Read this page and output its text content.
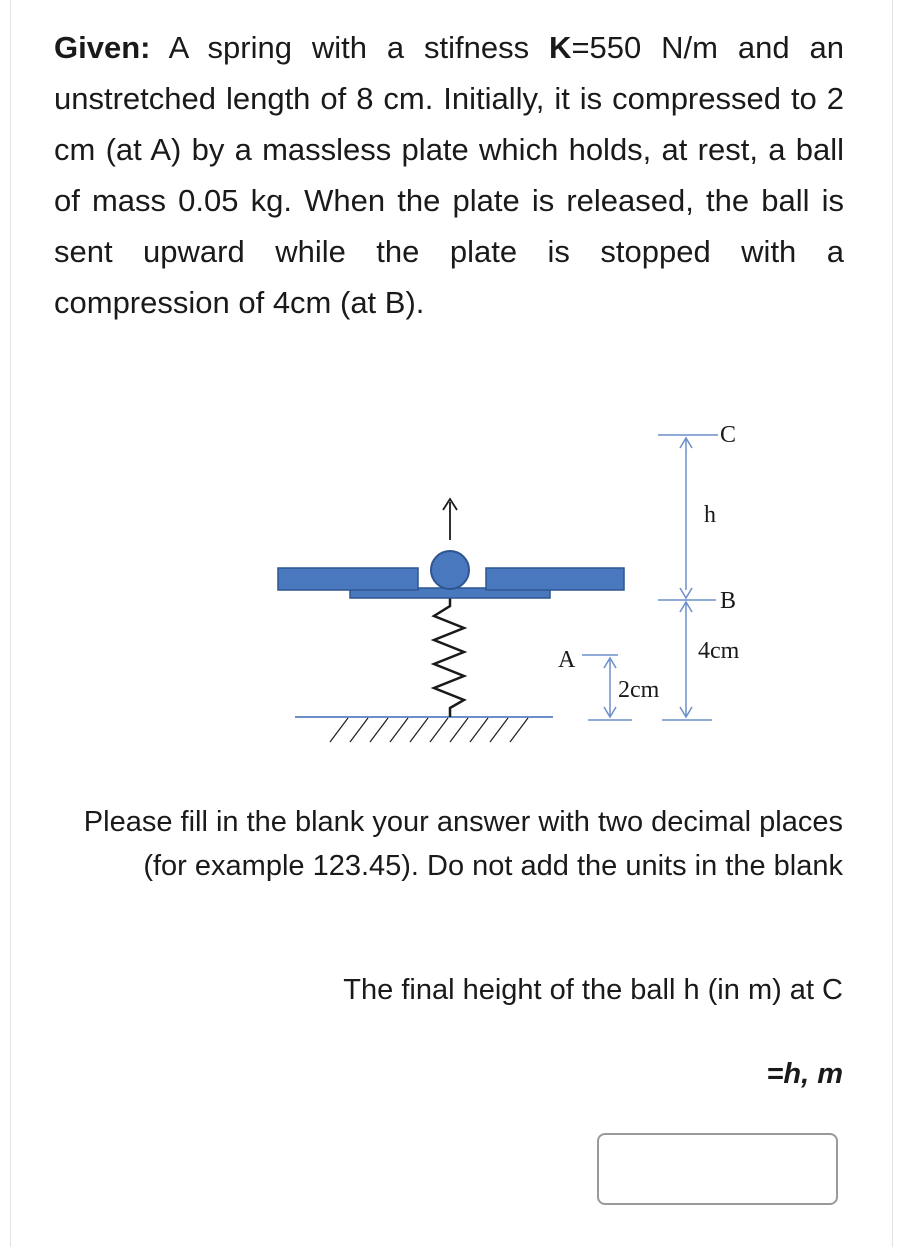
Given: A spring with a stifness K=550 N/m and an unstretched length of 8 cm. Initially, it is compressed to 2 cm (at A) by a massless plate which holds, at rest, a ball of mass 0.05 kg. When the plate is released, the ball is sent upward while the plate is stopped with a compression of 4cm (at B).

A
2cm
C
h
B
4cm

Please fill in the blank your answer with two decimal places (for example 123.45). Do not add the units in the blank

The final height of the ball h (in m) at C

=h, m
